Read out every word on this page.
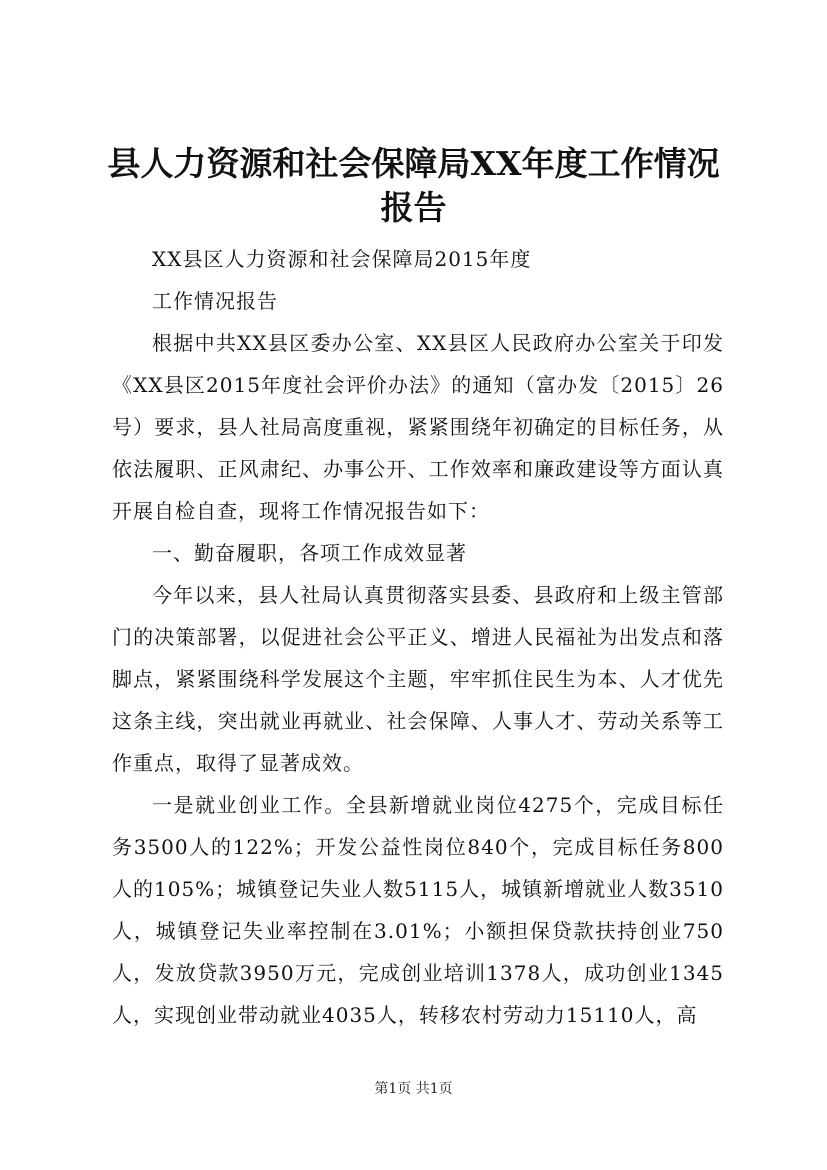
县人力资源和社会保障局XX年度工作情况报告

XX县区人力资源和社会保障局2015年度

工作情况报告

根据中共XX县区委办公室、XX县区人民政府办公室关于印发《XX县区2015年度社会评价办法》的通知（富办发〔2015〕26号）要求，县人社局高度重视，紧紧围绕年初确定的目标任务，从依法履职、正风肃纪、办事公开、工作效率和廉政建设等方面认真开展自检自查，现将工作情况报告如下：

一、勤奋履职，各项工作成效显著

今年以来，县人社局认真贯彻落实县委、县政府和上级主管部门的决策部署，以促进社会公平正义、增进人民福祉为出发点和落脚点，紧紧围绕科学发展这个主题，牢牢抓住民生为本、人才优先这条主线，突出就业再就业、社会保障、人事人才、劳动关系等工作重点，取得了显著成效。

一是就业创业工作。全县新增就业岗位4275个，完成目标任务3500人的122%；开发公益性岗位840个，完成目标任务800人的105%；城镇登记失业人数5115人，城镇新增就业人数3510人，城镇登记失业率控制在3.01%；小额担保贷款扶持创业750人，发放贷款3950万元，完成创业培训1378人，成功创业1345人，实现创业带动就业4035人，转移农村劳动力15110人，高

第1页 共1页
